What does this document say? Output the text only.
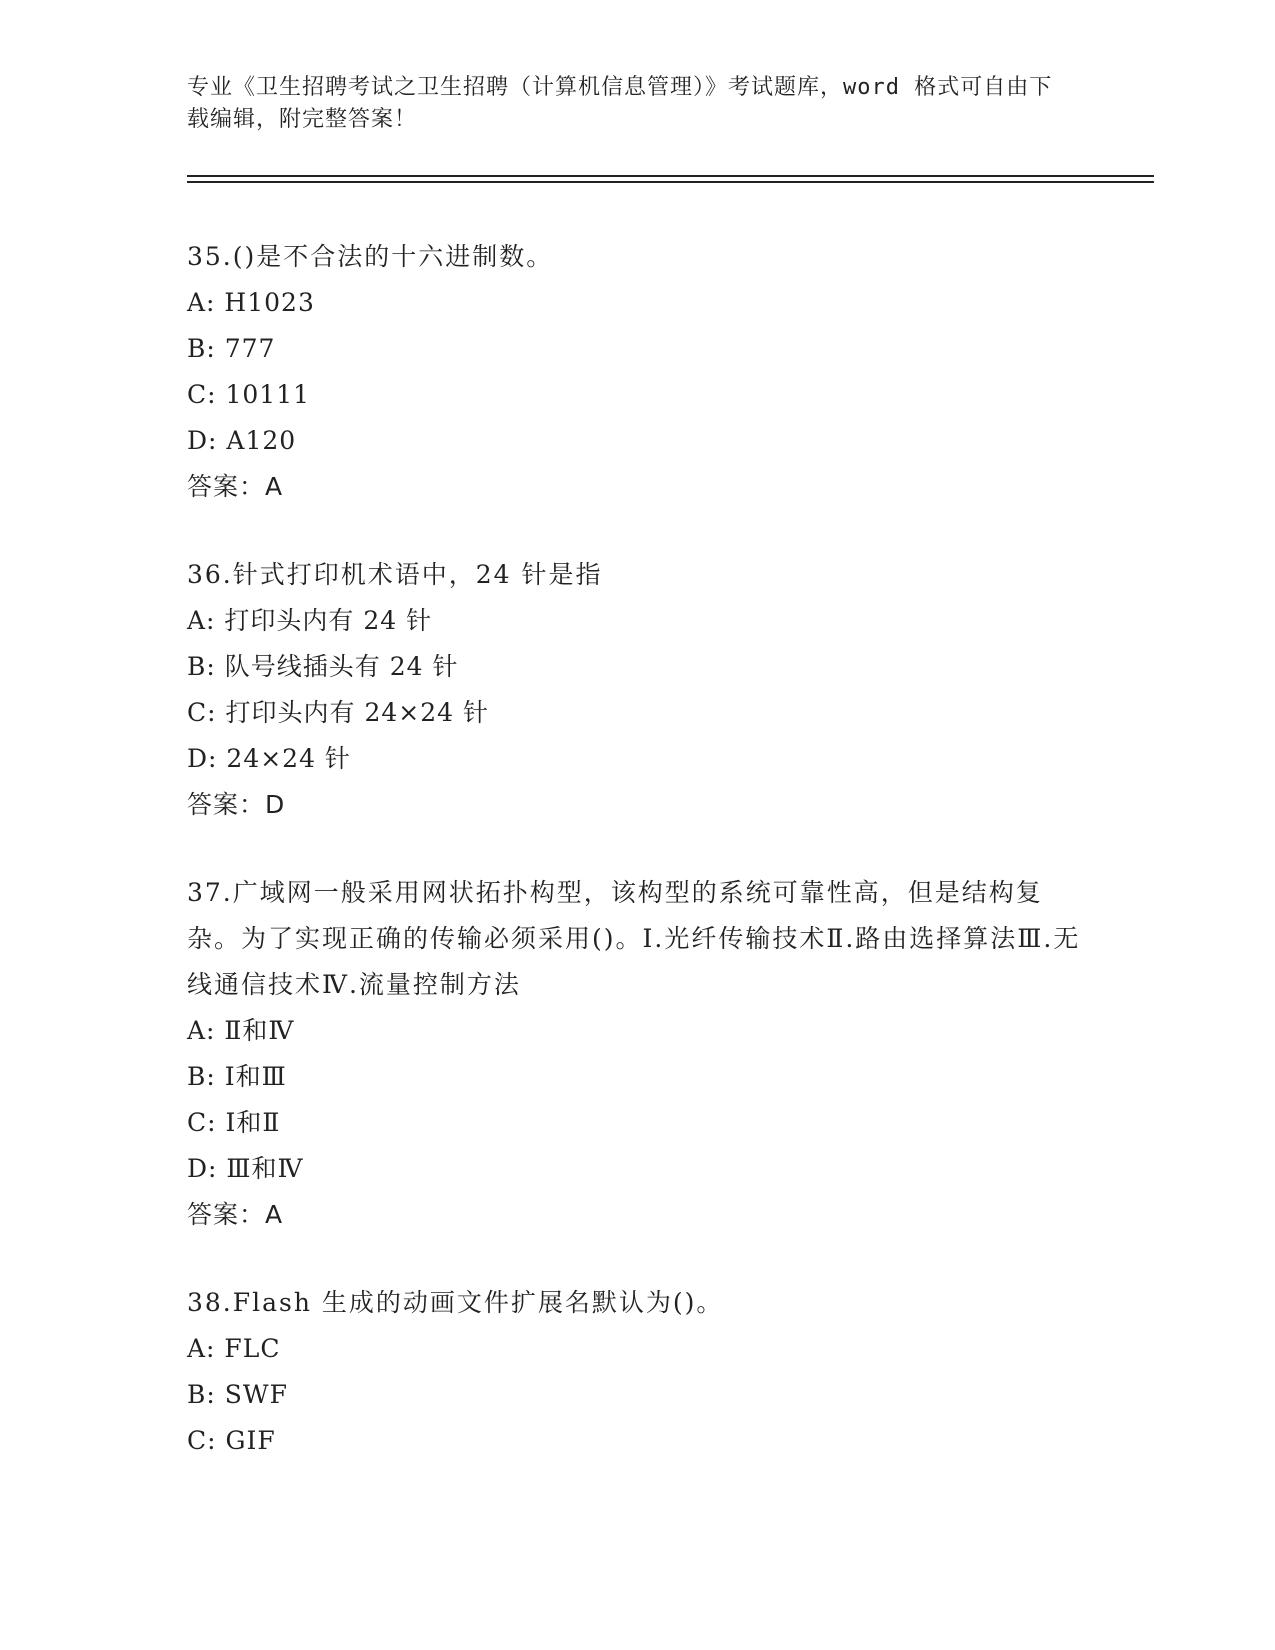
专业《卫生招聘考试之卫生招聘（计算机信息管理）》考试题库，word 格式可自由下载编辑，附完整答案！

35.()是不合法的十六进制数。

A: H1023

B: 777

C: 10111

D: A120

答案：A

36.针式打印机术语中，24 针是指

A: 打印头内有 24 针

B: 队号线插头有 24 针

C: 打印头内有 24×24 针

D: 24×24 针

答案：D

37.广域网一般采用网状拓扑构型，该构型的系统可靠性高，但是结构复杂。为了实现正确的传输必须采用()。Ⅰ.光纤传输技术Ⅱ.路由选择算法Ⅲ.无线通信技术Ⅳ.流量控制方法

A: Ⅱ和Ⅳ

B: Ⅰ和Ⅲ

C: Ⅰ和Ⅱ

D: Ⅲ和Ⅳ

答案：A

38.Flash 生成的动画文件扩展名默认为()。

A: FLC

B: SWF

C: GIF
